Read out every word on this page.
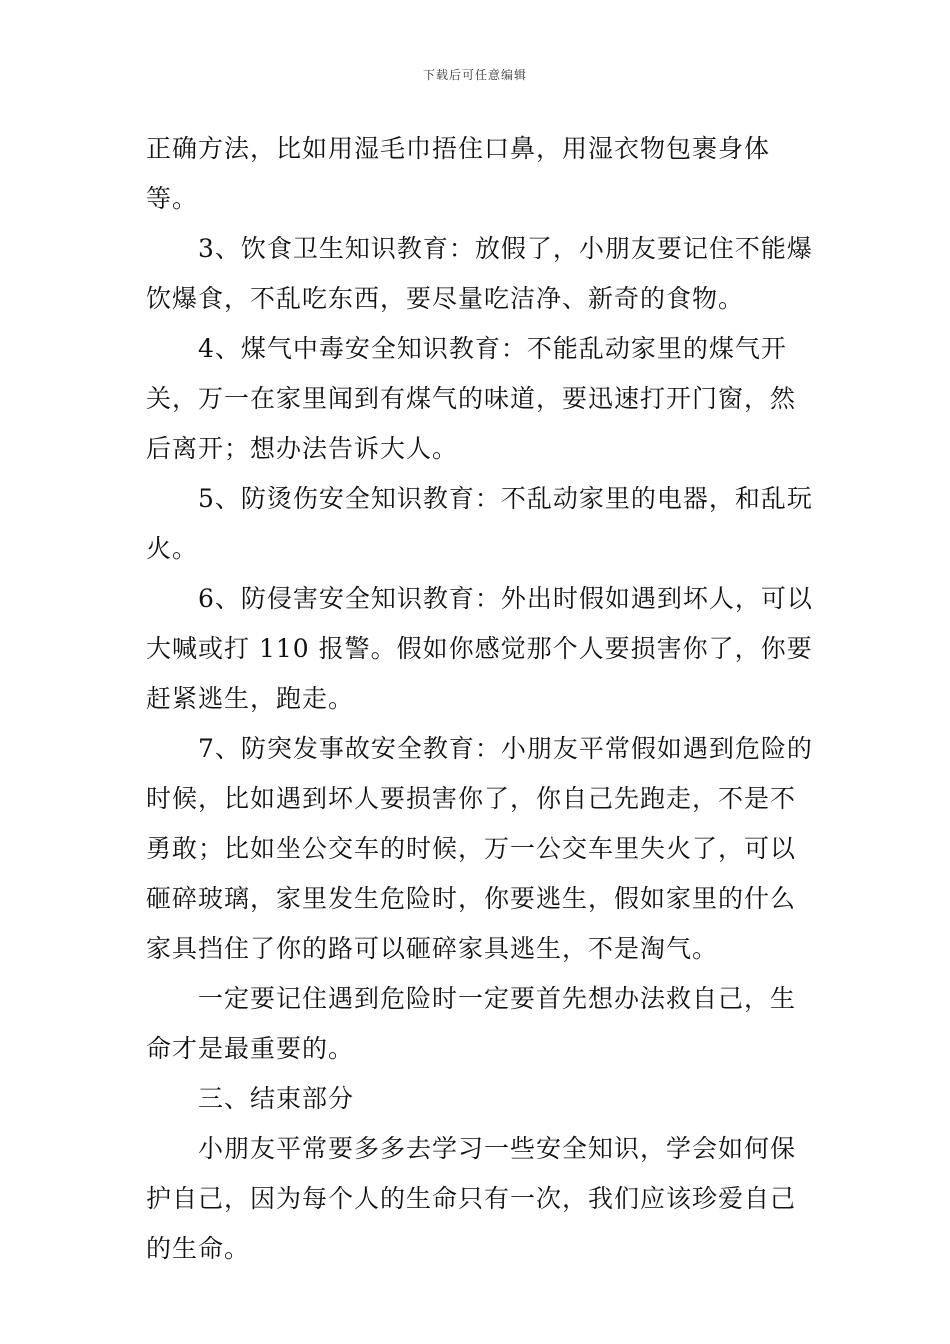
下载后可任意编辑

正确方法，比如用湿毛巾捂住口鼻，用湿衣物包裹身体等。

3、饮食卫生知识教育：放假了，小朋友要记住不能爆饮爆食，不乱吃东西，要尽量吃洁净、新奇的食物。

4、煤气中毒安全知识教育：不能乱动家里的煤气开关，万一在家里闻到有煤气的味道，要迅速打开门窗，然后离开；想办法告诉大人。

5、防烫伤安全知识教育：不乱动家里的电器，和乱玩火。

6、防侵害安全知识教育：外出时假如遇到坏人，可以大喊或打 110 报警。假如你感觉那个人要损害你了，你要赶紧逃生，跑走。

7、防突发事故安全教育：小朋友平常假如遇到危险的时候，比如遇到坏人要损害你了，你自己先跑走，不是不勇敢；比如坐公交车的时候，万一公交车里失火了，可以砸碎玻璃，家里发生危险时，你要逃生，假如家里的什么家具挡住了你的路可以砸碎家具逃生，不是淘气。

一定要记住遇到危险时一定要首先想办法救自己，生命才是最重要的。

三、结束部分

小朋友平常要多多去学习一些安全知识，学会如何保护自己，因为每个人的生命只有一次，我们应该珍爱自己的生命。
